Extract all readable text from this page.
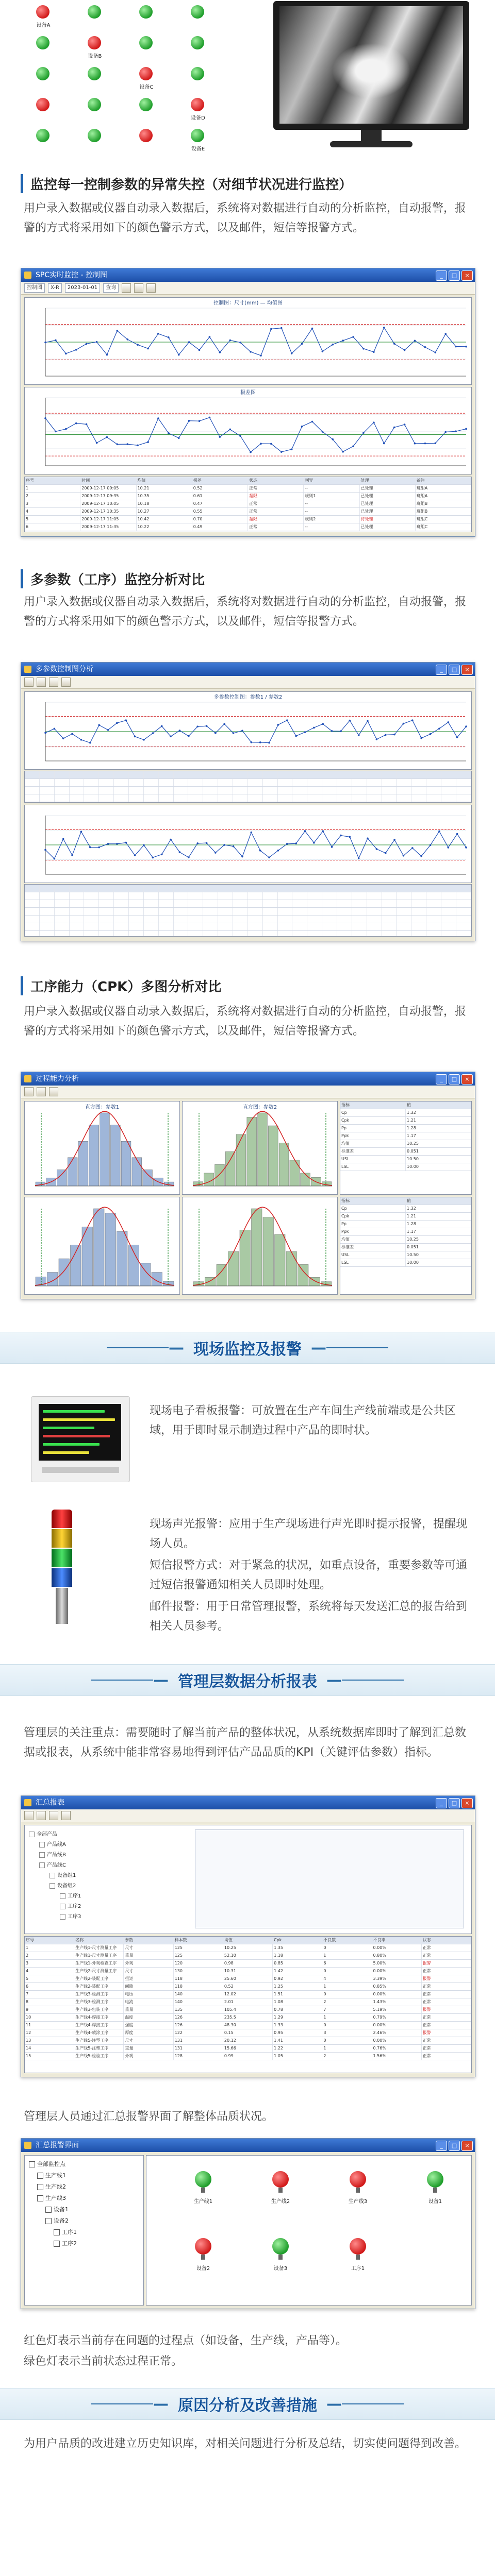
设备A
设备B
设备C
设备D
设备E
监控每一控制参数的异常失控（对细节状况进行监控）
用户录入数据或仪器自动录入数据后，系统将对数据进行自动的分析监控，自动报警，报警的方式将采用如下的颜色警示方式，以及邮件，短信等报警方式。
SPC实时监控 - 控制图	_	□	×
控制图	X-R	2023-01-01	查询
控制图：尺寸(mm) — 均值图
极差图
序号	时间	均值	极差	状态	判异	处理	备注
1	2009-12-17 09:05	10.21	0.52	正常	--	已处理	班组A
2	2009-12-17 09:35	10.35	0.61	超限	规则1	已处理	班组A
3	2009-12-17 10:05	10.18	0.47	正常	--	已处理	班组B
4	2009-12-17 10:35	10.27	0.55	正常	--	已处理	班组B
5	2009-12-17 11:05	10.42	0.70	超限	规则2	待处理	班组C
6	2009-12-17 11:35	10.22	0.49	正常	--	已处理	班组C
多参数（工序）监控分析对比
用户录入数据或仪器自动录入数据后，系统将对数据进行自动的分析监控，自动报警，报警的方式将采用如下的颜色警示方式，以及邮件，短信等报警方式。
多参数控制图分析	_	□	×
多参数控制图：参数1 / 参数2
工序能力（CPK）多图分析对比
用户录入数据或仪器自动录入数据后，系统将对数据进行自动的分析监控，自动报警，报警的方式将采用如下的颜色警示方式，以及邮件，短信等报警方式。
过程能力分析	_	□	×
直方图：参数1	直方图：参数2	指标	值
Cp	1.32
Cpk	1.21
Pp	1.28
Ppk	1.17
均值	10.25
标准差	0.051
USL	10.50
LSL	10.00
指标	值
Cp	1.32
Cpk	1.21
Pp	1.28
Ppk	1.17
均值	10.25
标准差	0.051
USL	10.50
LSL	10.00
— 现场监控及报警 —
现场电子看板报警：可放置在生产车间生产线前端或是公共区域，用于即时显示制造过程中产品的即时状。
现场声光报警：应用于生产现场进行声光即时提示报警，提醒现场人员。
短信报警方式：对于紧急的状况，如重点设备，重要参数等可通过短信报警通知相关人员即时处理。
邮件报警：用于日常管理报警，系统将每天发送汇总的报告给到相关人员参考。
— 管理层数据分析报表 —
管理层的关注重点：需要随时了解当前产品的整体状况，从系统数据库即时了解到汇总数据或报表，从系统中能非常容易地得到评估产品品质的KPI（关键评估参数）指标。
汇总报表	_	□	×
全部产品
产品线A
产品线B
产品线C
设备组1
设备组2
工序1
工序2
工序3
序号	名称	参数	样本数	均值	Cpk	不良数	不良率	状态
1	生产线1-尺寸测量工序	尺寸	125	10.25	1.35	0	0.00%	正常
2	生产线1-尺寸测量工序	重量	125	52.10	1.18	1	0.80%	正常
3	生产线1-外观检查工序	外观	120	0.98	0.85	6	5.00%	报警
4	生产线2-尺寸测量工序	尺寸	130	10.31	1.42	0	0.00%	正常
5	生产线2-装配工序	扭矩	118	25.60	0.92	4	3.39%	报警
6	生产线2-装配工序	间隙	118	0.52	1.25	1	0.85%	正常
7	生产线3-检测工序	电压	140	12.02	1.51	0	0.00%	正常
8	生产线3-检测工序	电流	140	2.01	1.08	2	1.43%	正常
9	生产线3-包装工序	重量	135	105.4	0.78	7	5.19%	报警
10	生产线4-焊接工序	温度	126	235.5	1.29	1	0.79%	正常
11	生产线4-焊接工序	强度	126	48.30	1.33	0	0.00%	正常
12	生产线4-喷涂工序	厚度	122	0.15	0.95	3	2.46%	报警
13	生产线5-注塑工序	尺寸	131	20.12	1.41	0	0.00%	正常
14	生产线5-注塑工序	重量	131	15.66	1.22	1	0.76%	正常
15	生产线5-检验工序	外观	128	0.99	1.05	2	1.56%	正常
管理层人员通过汇总报警界面了解整体品质状况。
汇总报警界面	_	□	×
全部监控点
生产线1
生产线2
生产线3
设备1
设备2
工序1
工序2
生产线1	生产线2	生产线3	设备1
设备2	设备3	工序1
红色灯表示当前存在问题的过程点（如设备，生产线，产品等）。
绿色灯表示当前状态过程正常。
— 原因分析及改善措施 —
为用户品质的改进建立历史知识库，对相关问题进行分析及总结，切实使问题得到改善。
